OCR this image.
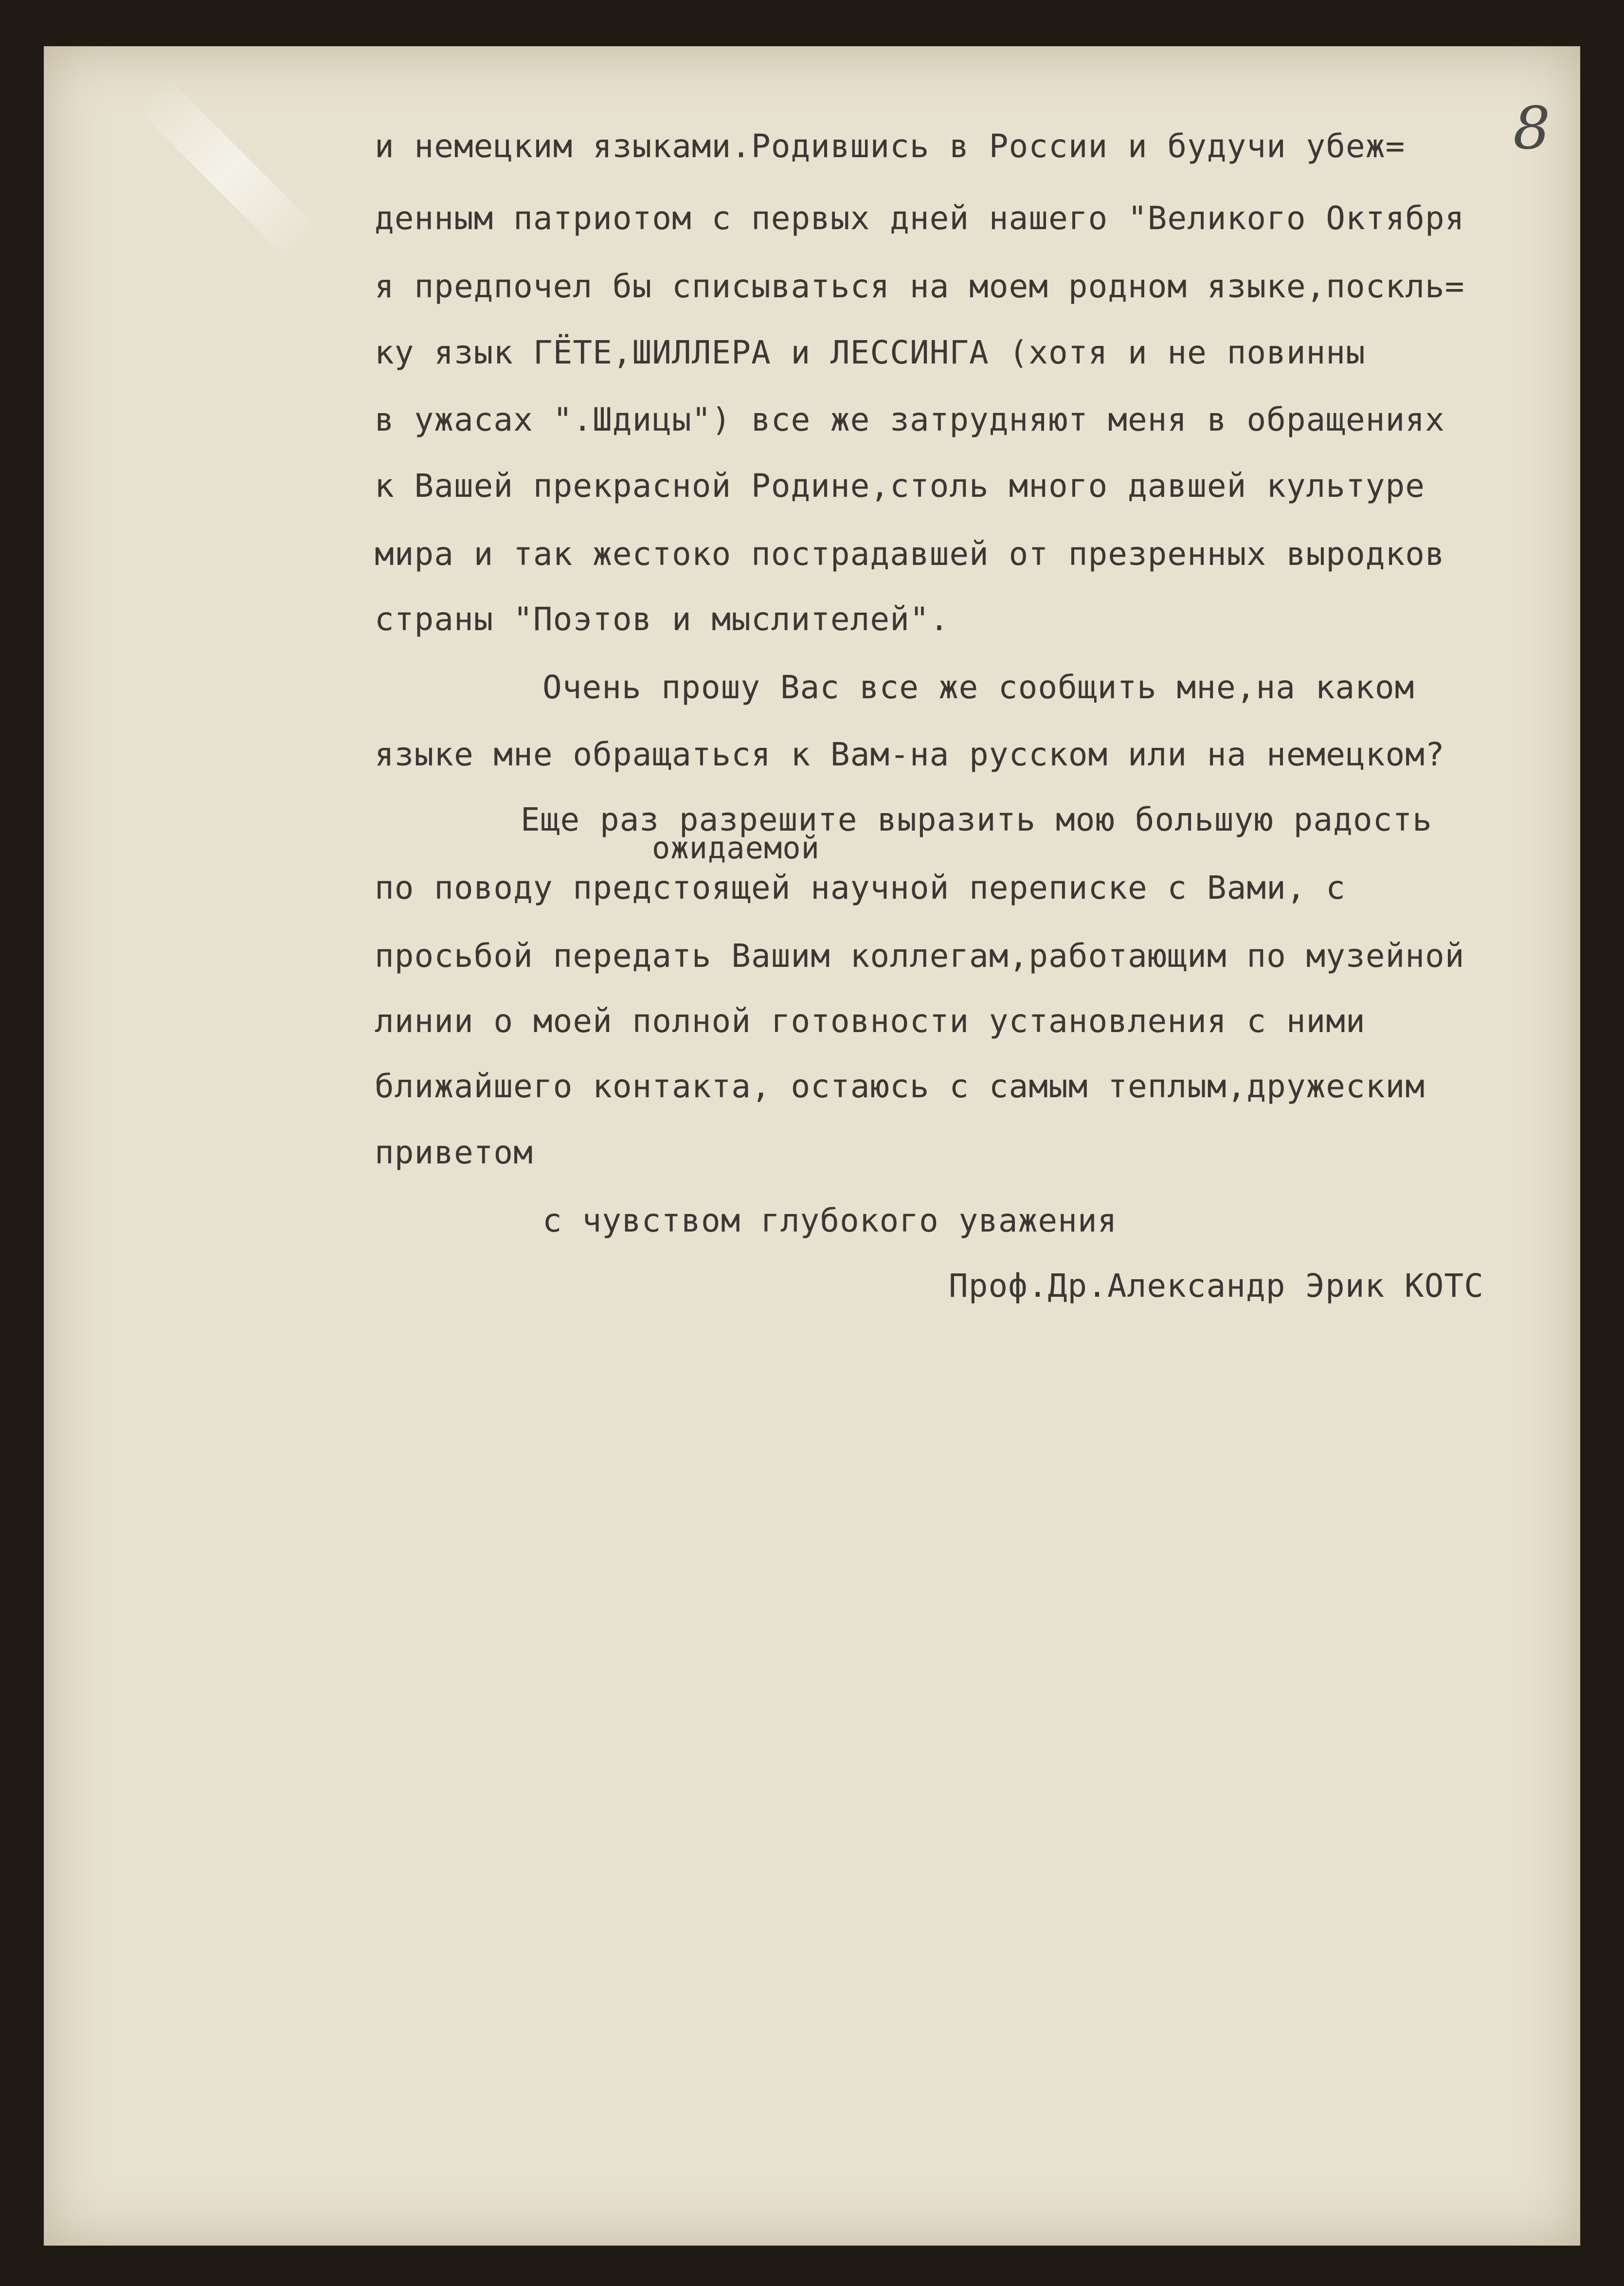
8
и немецким языками.Родившись в России и будучи убеж=
денным патриотом с первых дней нашего "Великого Октября
я предпочел бы списываться на моем родном языке,поскль=
ку язык ГЁТЕ,ШИЛЛЕРА и ЛЕССИНГА (хотя и не повинны
в ужасах ".Шдицы") все же затрудняют меня в обращениях
к Вашей прекрасной Родине,столь много давшей культуре
мира и так жестоко пострадавшей от презренных выродков
страны "Поэтов и мыслителей".
Очень прошу Вас все же сообщить мне,на каком
языке мне обращаться к Вам-на русском или на немецком?
Еще раз разрешите выразить мою большую радость
ожидаемой
по поводу предстоящей научной переписке с Вами, с
просьбой передать Вашим коллегам,работающим по музейной
линии о моей полной готовности установления с ними
ближайшего контакта, остаюсь с самым теплым,дружеским
приветом
с чувством глубокого уважения
Проф.Др.Александр Эрик КОТС
